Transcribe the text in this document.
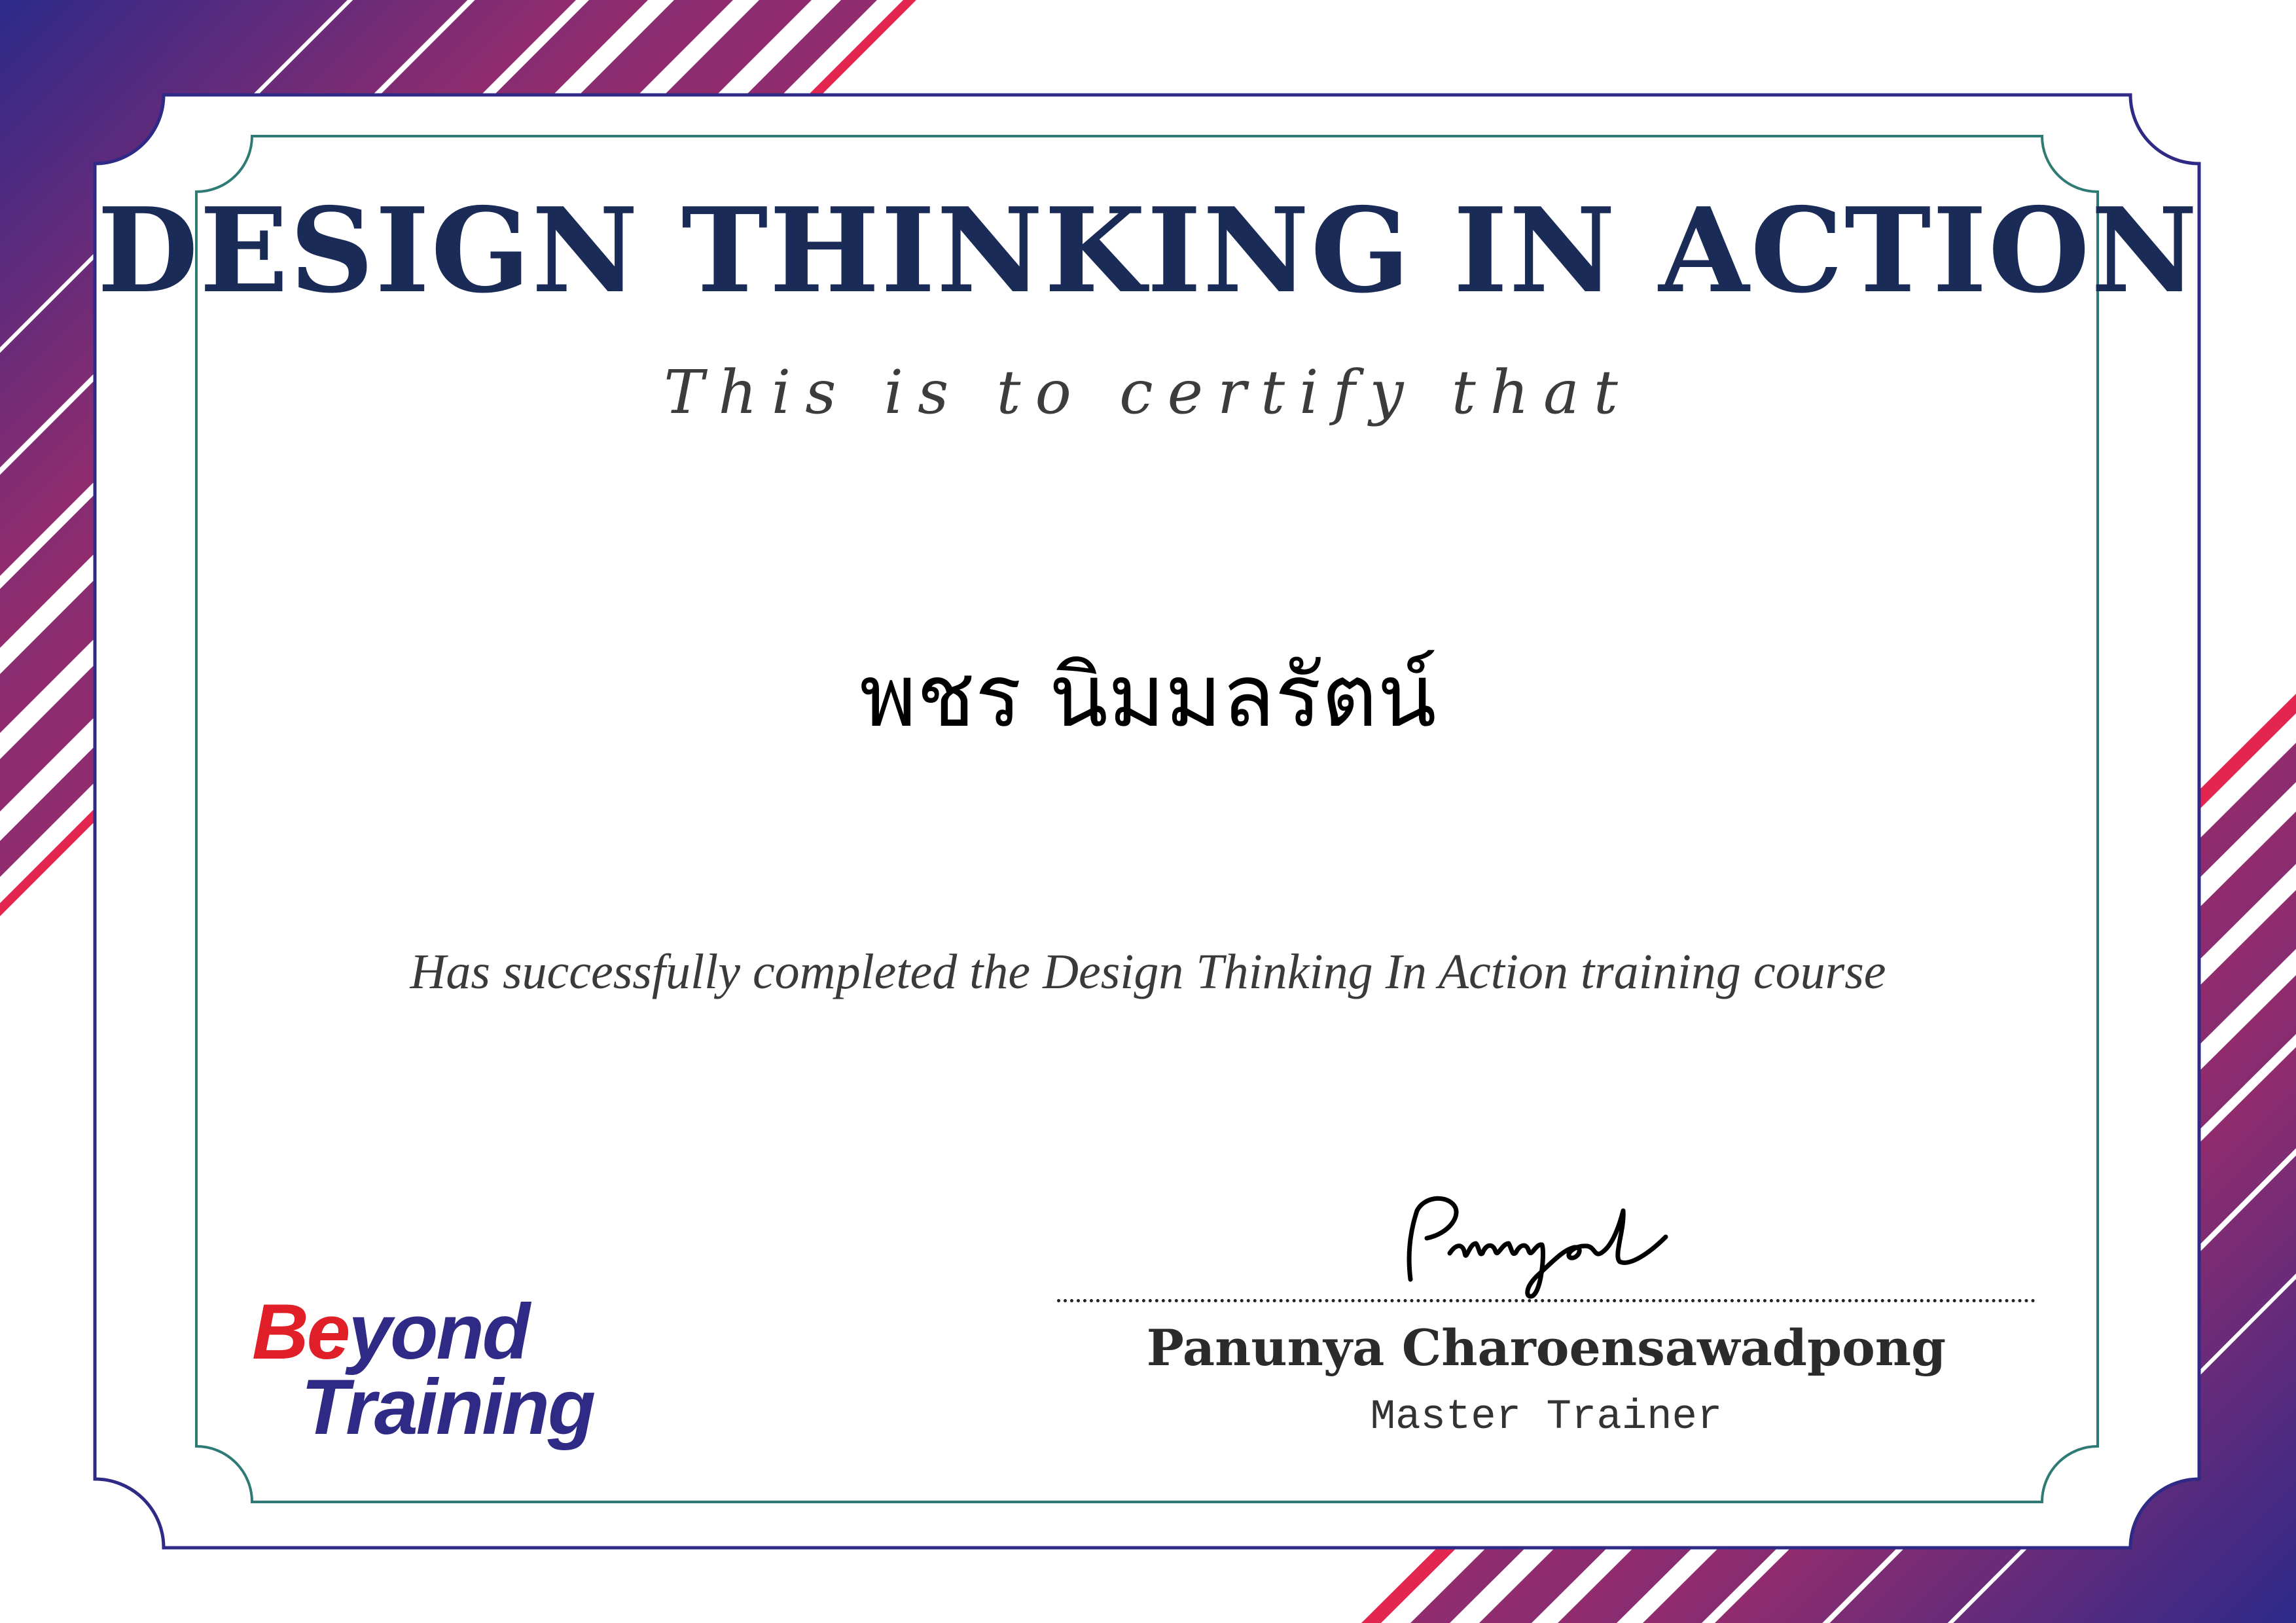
DESIGN THINKING IN ACTION
This is to certify that
พชร นิมมลรัตน์
Has successfully completed the Design Thinking In Action training course
Beyond
Training
Panunya Charoensawadpong
Master Trainer
